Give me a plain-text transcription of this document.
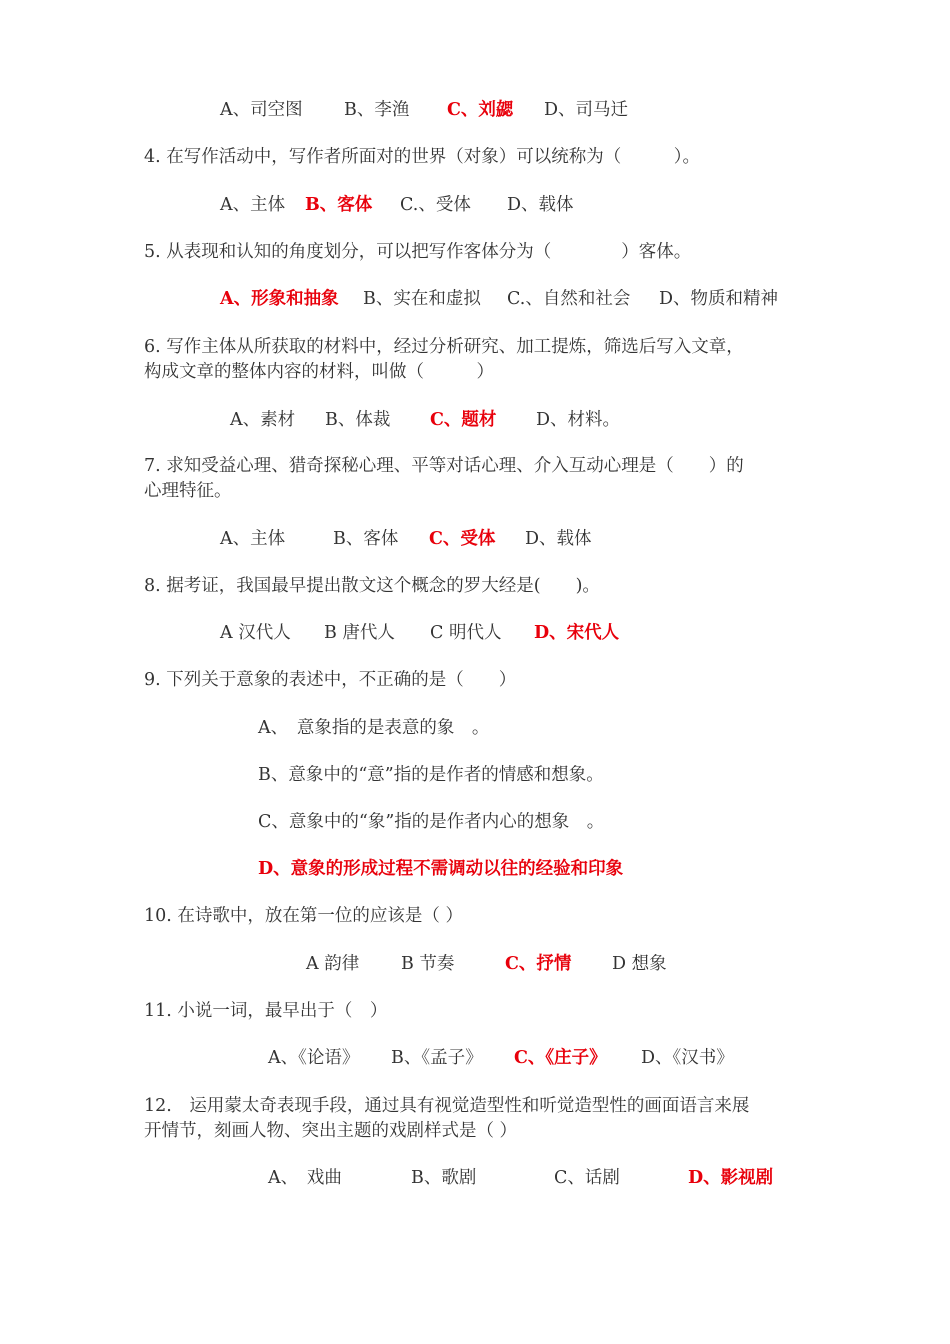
A、司空图 B、李渔 C、刘勰 D、司马迁
4. 在写作活动中，写作者所面对的世界（对象）可以统称为（　　　）。
A、主体 B、客体 C.、受体 D、载体
5. 从表现和认知的角度划分，可以把写作客体分为（　　　　）客体。
A、形象和抽象 B、实在和虚拟 C.、自然和社会 D、物质和精神
6. 写作主体从所获取的材料中，经过分析研究、加工提炼，筛选后写入文章，
构成文章的整体内容的材料，叫做（　　　）
A、素材 B、体裁 C、题材 D、材料。
7. 求知受益心理、猎奇探秘心理、平等对话心理、介入互动心理是（　　）的
心理特征。
A、主体	B、客体 C、受体 D、载体
8. 据考证，我国最早提出散文这个概念的罗大经是(　　)。
A 汉代人 B 唐代人 C 明代人 D、宋代人
9. 下列关于意象的表述中，不正确的是（　　）
A、　意象指的是表意的象　。
B、意象中的“意”指的是作者的情感和想象。
C、意象中的“象”指的是作者内心的想象　。
D、意象的形成过程不需调动以往的经验和印象
10. 在诗歌中，放在第一位的应该是（ ）
A 韵律 B 节奏	C、抒情 D 想象
11. 小说一词，最早出于（　）
A、《论语》 B、《孟子》 C、《庄子》 D、《汉书》
12.　运用蒙太奇表现手段，通过具有视觉造型性和听觉造型性的画面语言来展
开情节，刻画人物、突出主题的戏剧样式是（ ）
A、　戏曲	B、歌剧	C、话剧	D、影视剧
